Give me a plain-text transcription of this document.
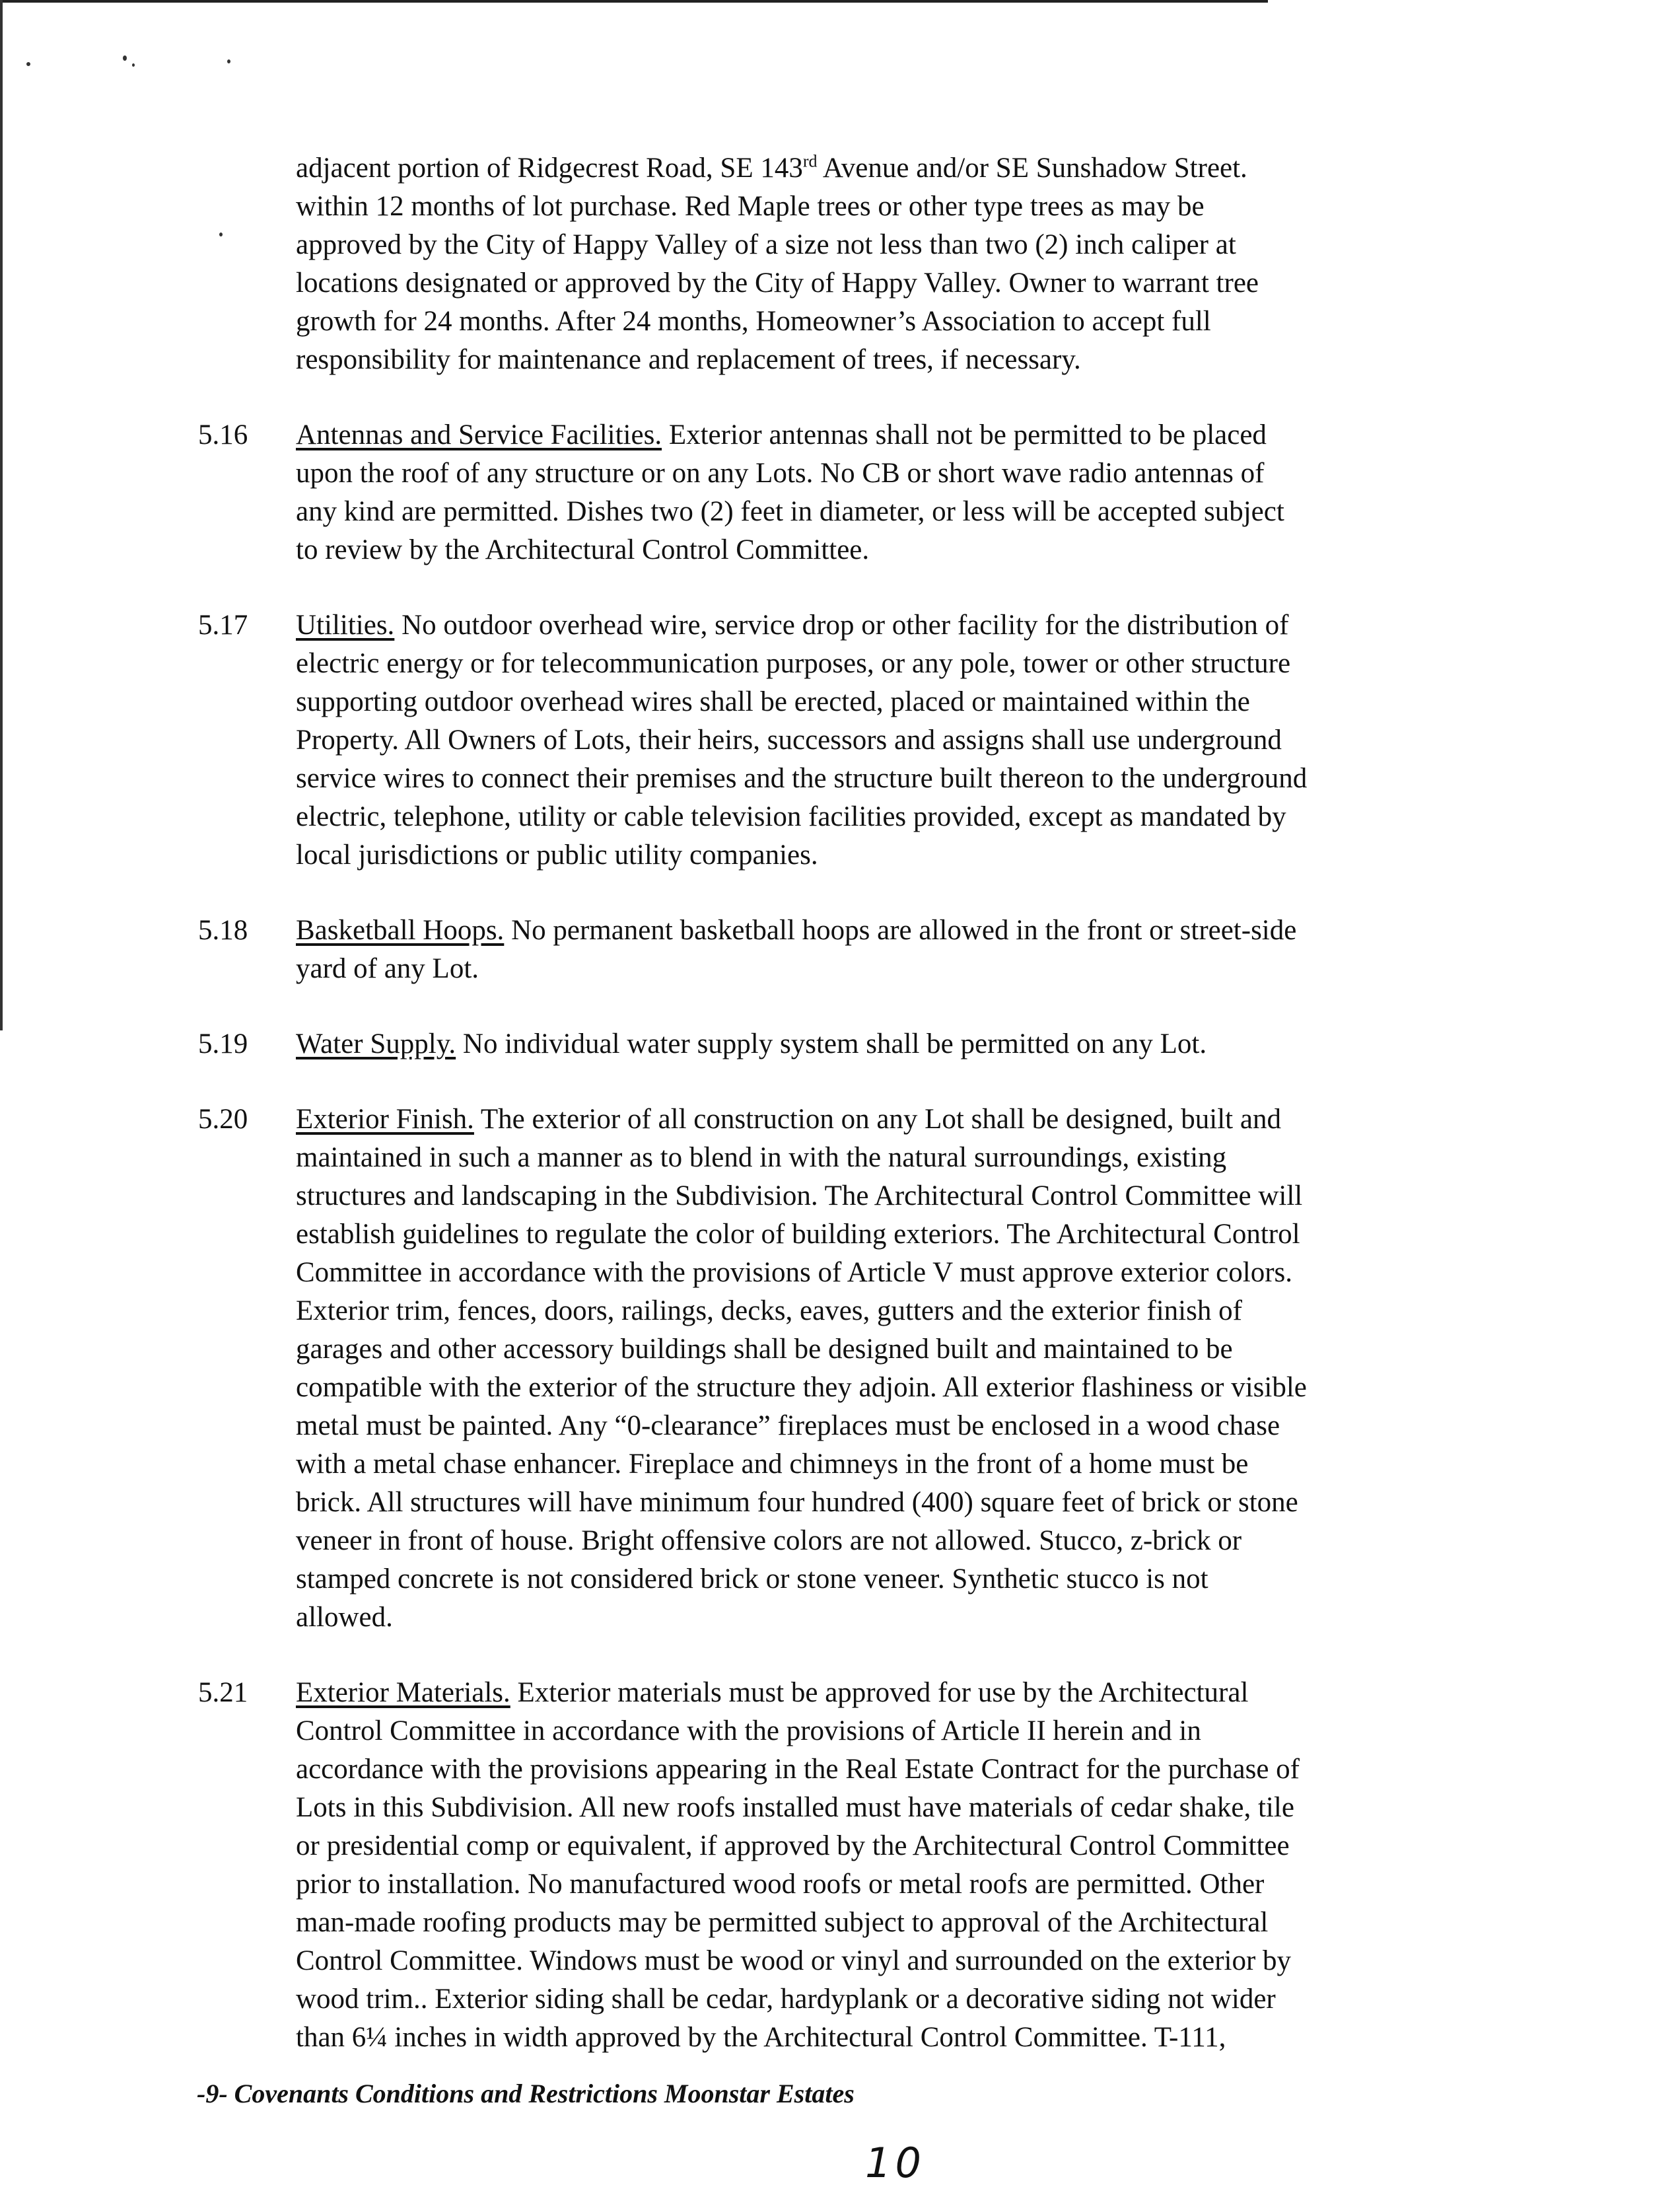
adjacent portion of Ridgecrest Road, SE 143rd Avenue and/or SE Sunshadow Street.
within 12 months of lot purchase. Red Maple trees or other type trees as may be
approved by the City of Happy Valley of a size not less than two (2) inch caliper at
locations designated or approved by the City of Happy Valley. Owner to warrant tree
growth for 24 months. After 24 months, Homeowner’s Association to accept full
responsibility for maintenance and replacement of trees, if necessary.
5.16 Antennas and Service Facilities. Exterior antennas shall not be permitted to be placed
upon the roof of any structure or on any Lots. No CB or short wave radio antennas of
any kind are permitted. Dishes two (2) feet in diameter, or less will be accepted subject
to review by the Architectural Control Committee.
5.17 Utilities. No outdoor overhead wire, service drop or other facility for the distribution of
electric energy or for telecommunication purposes, or any pole, tower or other structure
supporting outdoor overhead wires shall be erected, placed or maintained within the
Property. All Owners of Lots, their heirs, successors and assigns shall use underground
service wires to connect their premises and the structure built thereon to the underground
electric, telephone, utility or cable television facilities provided, except as mandated by
local jurisdictions or public utility companies.
5.18 Basketball Hoops. No permanent basketball hoops are allowed in the front or street-side
yard of any Lot.
5.19 Water Supply. No individual water supply system shall be permitted on any Lot.
5.20 Exterior Finish. The exterior of all construction on any Lot shall be designed, built and
maintained in such a manner as to blend in with the natural surroundings, existing
structures and landscaping in the Subdivision. The Architectural Control Committee will
establish guidelines to regulate the color of building exteriors. The Architectural Control
Committee in accordance with the provisions of Article V must approve exterior colors.
Exterior trim, fences, doors, railings, decks, eaves, gutters and the exterior finish of
garages and other accessory buildings shall be designed built and maintained to be
compatible with the exterior of the structure they adjoin. All exterior flashiness or visible
metal must be painted. Any “0-clearance” fireplaces must be enclosed in a wood chase
with a metal chase enhancer. Fireplace and chimneys in the front of a home must be
brick. All structures will have minimum four hundred (400) square feet of brick or stone
veneer in front of house. Bright offensive colors are not allowed. Stucco, z-brick or
stamped concrete is not considered brick or stone veneer. Synthetic stucco is not
allowed.
5.21 Exterior Materials. Exterior materials must be approved for use by the Architectural
Control Committee in accordance with the provisions of Article II herein and in
accordance with the provisions appearing in the Real Estate Contract for the purchase of
Lots in this Subdivision. All new roofs installed must have materials of cedar shake, tile
or presidential comp or equivalent, if approved by the Architectural Control Committee
prior to installation. No manufactured wood roofs or metal roofs are permitted. Other
man-made roofing products may be permitted subject to approval of the Architectural
Control Committee. Windows must be wood or vinyl and surrounded on the exterior by
wood trim.. Exterior siding shall be cedar, hardyplank or a decorative siding not wider
than 6¼ inches in width approved by the Architectural Control Committee. T-111,
-9- Covenants Conditions and Restrictions Moonstar Estates
10
